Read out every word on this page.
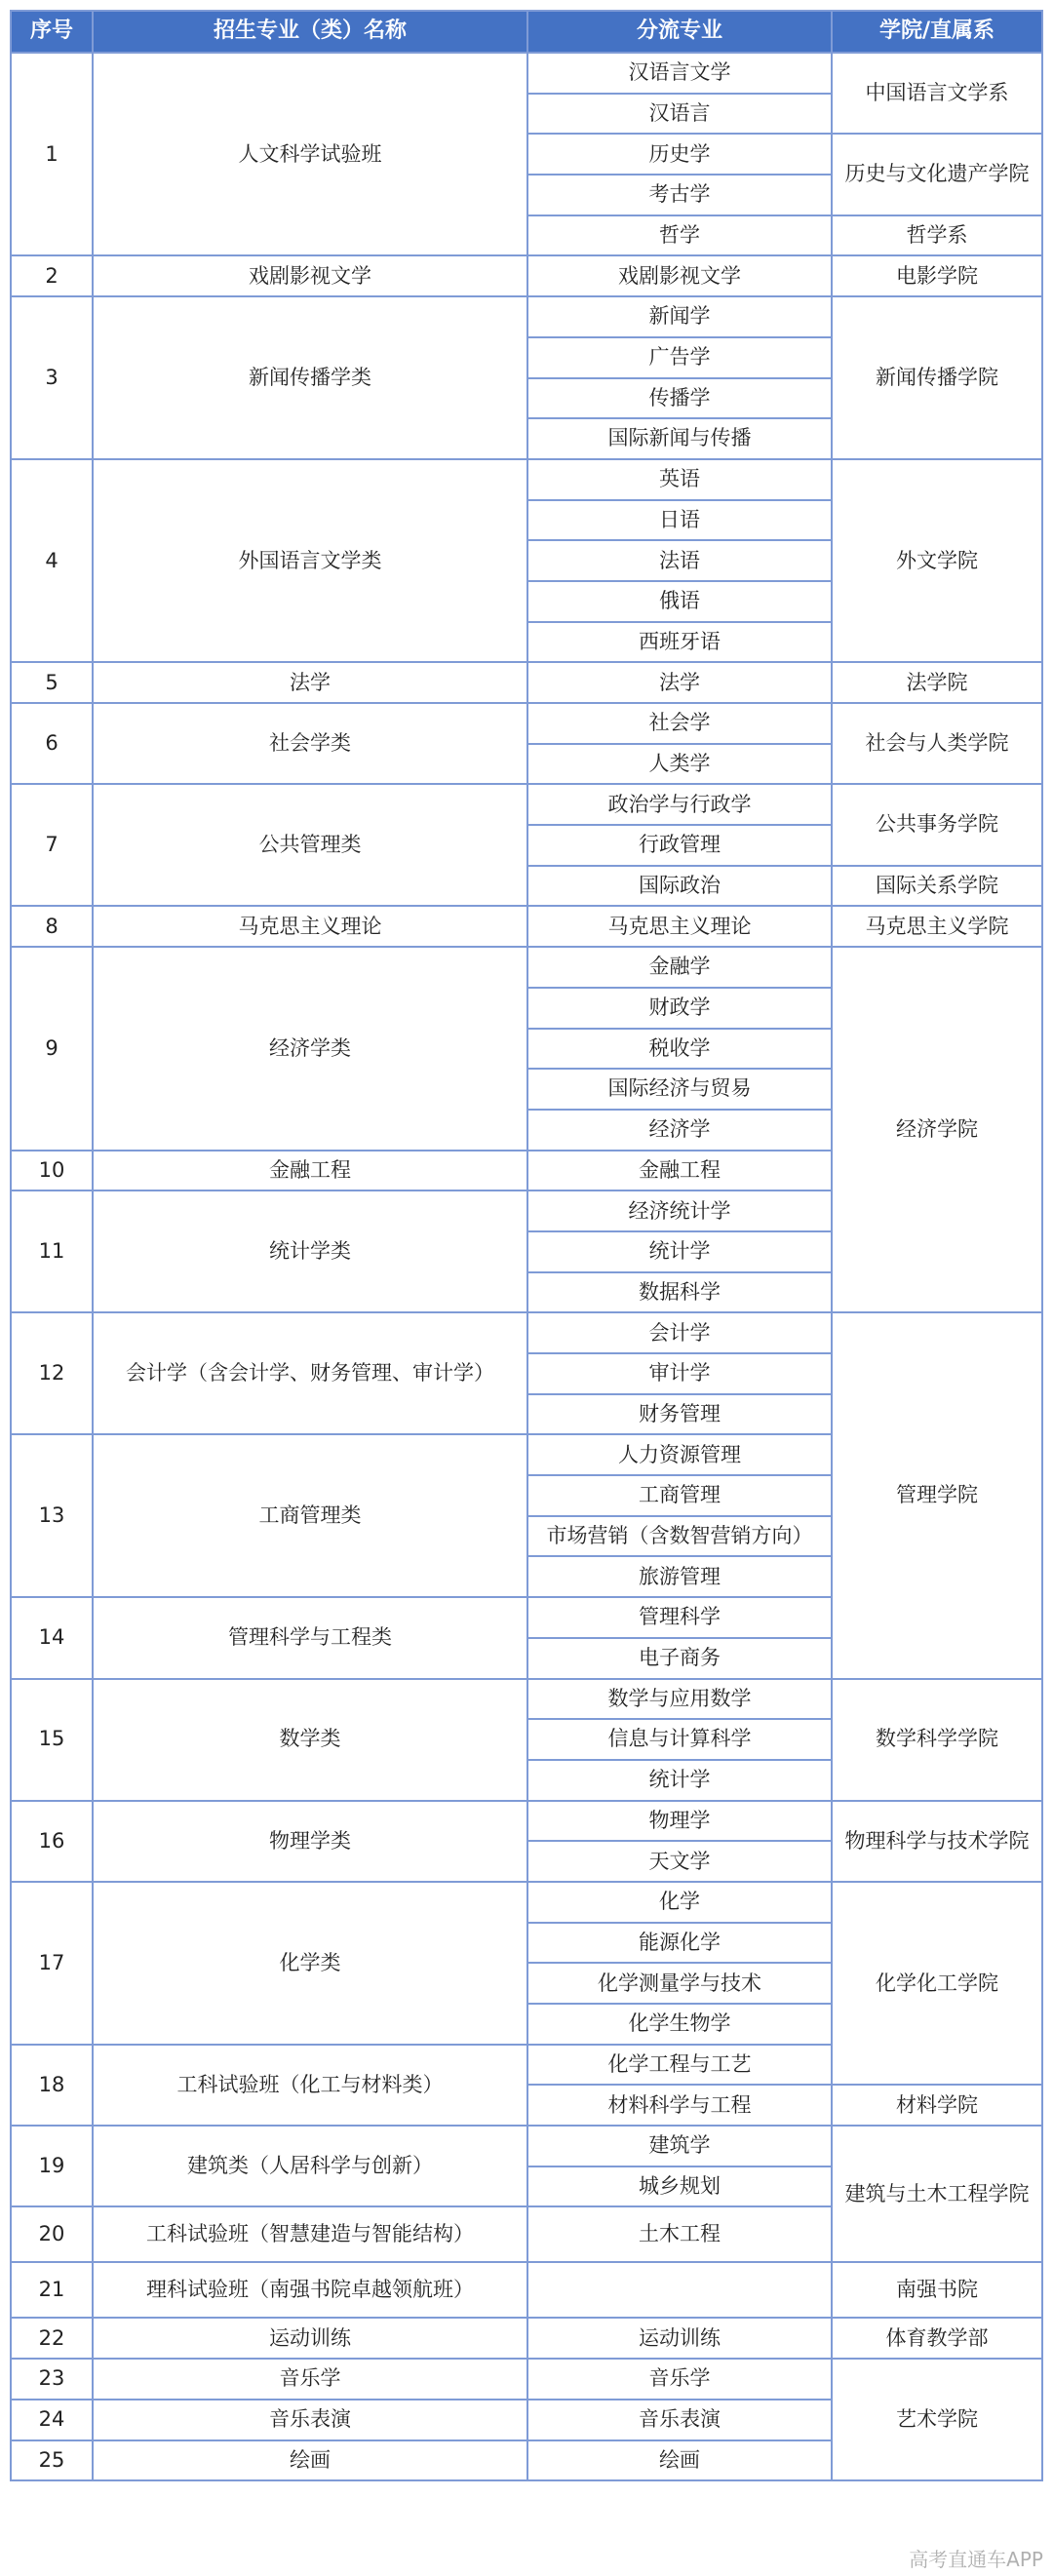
序号	招生专业（类）名称	分流专业	学院/直属系
1	人文科学试验班	汉语言文学	中国语言文学系
		汉语言	
		历史学	历史与文化遗产学院
		考古学	
		哲学	哲学系
2	戏剧影视文学	戏剧影视文学	电影学院
3	新闻传播学类	新闻学	新闻传播学院
		广告学	
		传播学	
		国际新闻与传播	
4	外国语言文学类	英语	外文学院
		日语	
		法语	
		俄语	
		西班牙语	
5	法学	法学	法学院
6	社会学类	社会学	社会与人类学院
		人类学	
7	公共管理类	政治学与行政学	公共事务学院
		行政管理	
		国际政治	国际关系学院
8	马克思主义理论	马克思主义理论	马克思主义学院
9	经济学类	金融学	经济学院
		财政学	
		税收学	
		国际经济与贸易	
		经济学	
10	金融工程	金融工程	
11	统计学类	经济统计学	
		统计学	
		数据科学	
12	会计学（含会计学、财务管理、审计学）	会计学	管理学院
		审计学	
		财务管理	
13	工商管理类	人力资源管理	
		工商管理	
		市场营销（含数智营销方向）	
		旅游管理	
14	管理科学与工程类	管理科学	
		电子商务	
15	数学类	数学与应用数学	数学科学学院
		信息与计算科学	
		统计学	
16	物理学类	物理学	物理科学与技术学院
		天文学	
17	化学类	化学	化学化工学院
		能源化学	
		化学测量学与技术	
		化学生物学	
18	工科试验班（化工与材料类）	化学工程与工艺	
		材料科学与工程	材料学院
19	建筑类（人居科学与创新）	建筑学	建筑与土木工程学院
		城乡规划	
20	工科试验班（智慧建造与智能结构）	土木工程	
21	理科试验班（南强书院卓越领航班）		南强书院
22	运动训练	运动训练	体育教学部
23	音乐学	音乐学	艺术学院
24	音乐表演	音乐表演	
25	绘画	绘画	
高考直通车APP
